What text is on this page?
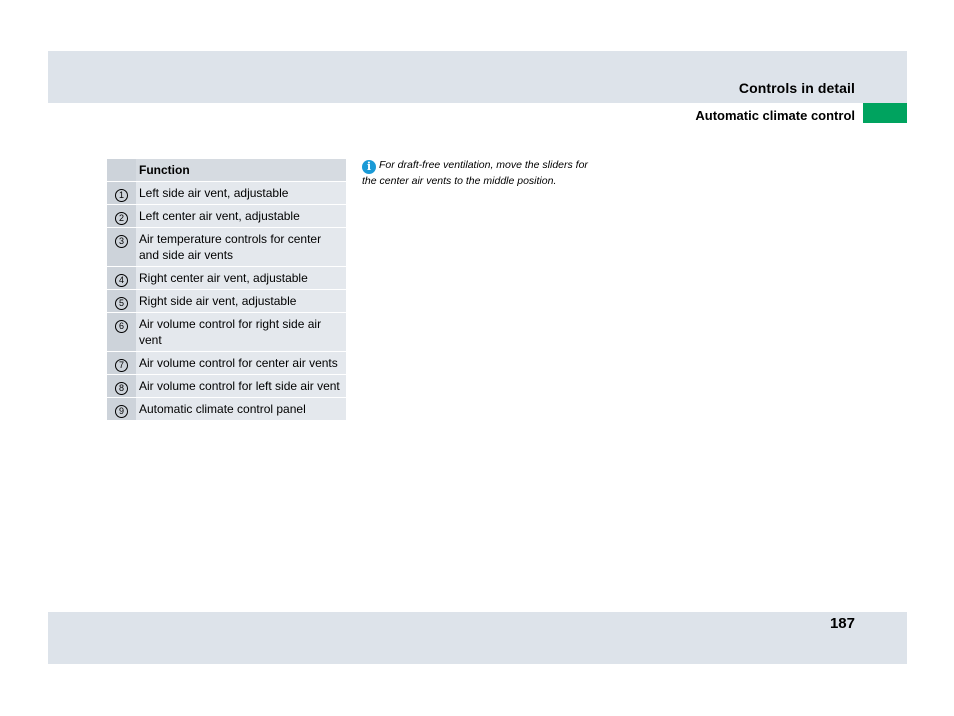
Controls in detail
Automatic climate control
	Function
1	Left side air vent, adjustable
2	Left center air vent, adjustable
3	Air temperature controls for center and side air vents
4	Right center air vent, adjustable
5	Right side air vent, adjustable
6	Air volume control for right side air vent
7	Air volume control for center air vents
8	Air volume control for left side air vent
9	Automatic climate control panel
i For draft-free ventilation, move the sliders for the center air vents to the middle position.
187
